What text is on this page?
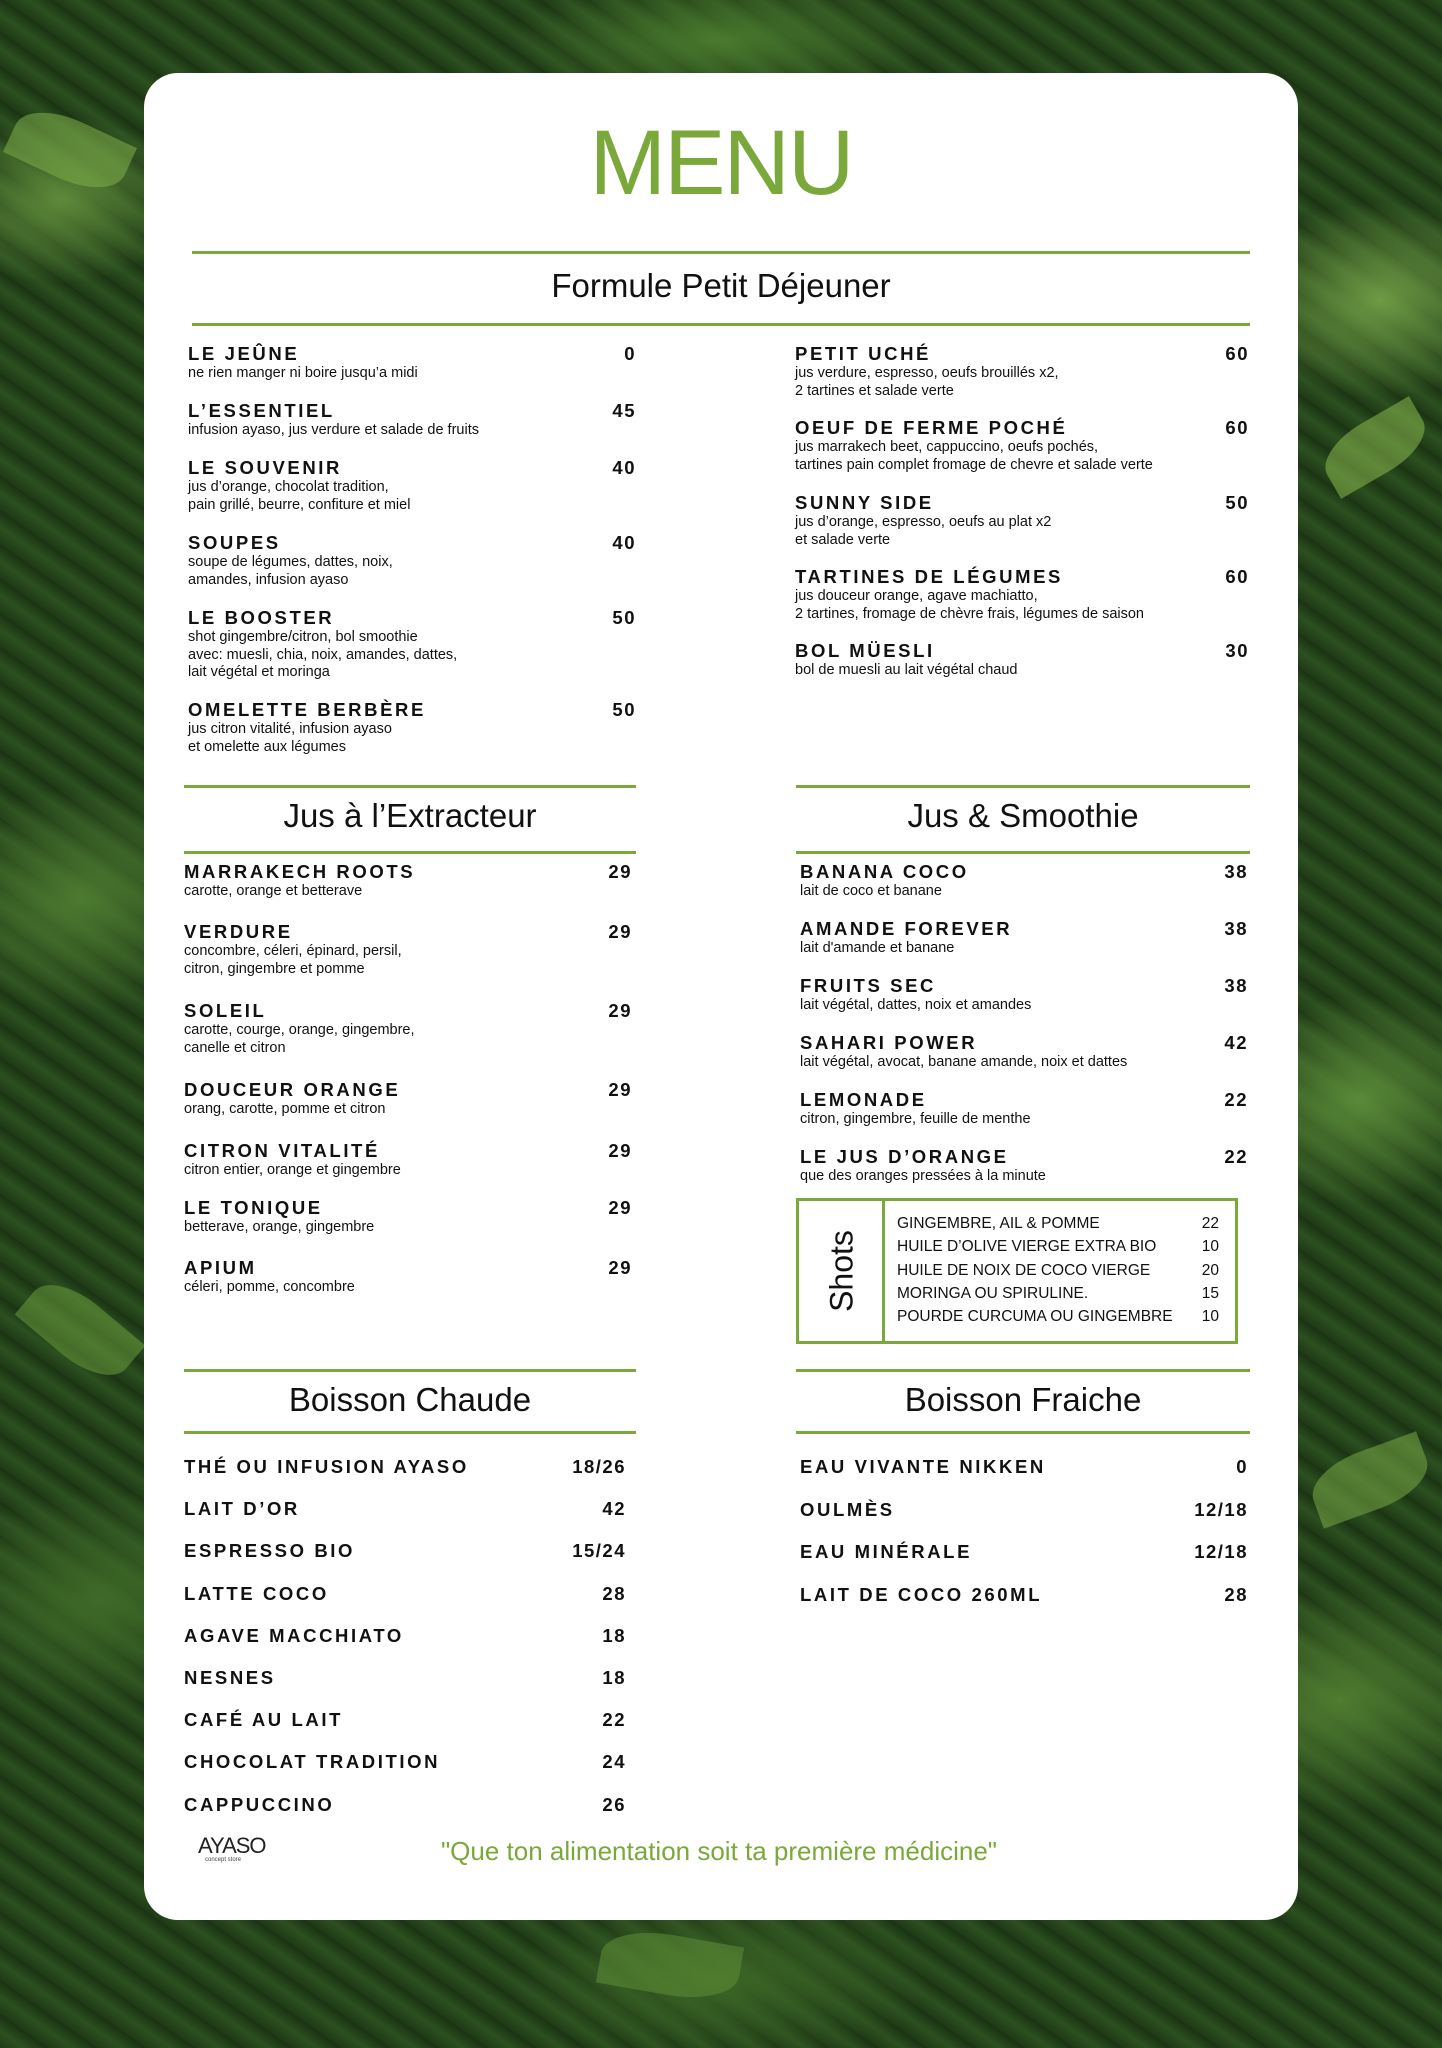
MENU
Formule Petit Déjeuner
LE JEÛNE	0
ne rien manger ni boire jusqu’a midi
L’ESSENTIEL	45
infusion ayaso, jus verdure et salade de fruits
LE SOUVENIR	40
jus d’orange, chocolat tradition,
pain grillé, beurre, confiture et miel
SOUPES	40
soupe de légumes, dattes, noix,
amandes, infusion ayaso
LE BOOSTER	50
shot gingembre/citron, bol smoothie
avec: muesli, chia, noix, amandes, dattes,
lait végétal et moringa
OMELETTE BERBÈRE	50
jus citron vitalité, infusion ayaso
et omelette aux légumes
PETIT UCHÉ	60
jus verdure, espresso, oeufs brouillés x2,
2 tartines et salade verte
OEUF DE FERME POCHÉ	60
jus marrakech beet, cappuccino, oeufs pochés,
tartines pain complet fromage de chevre et salade verte
SUNNY SIDE	50
jus d’orange, espresso, oeufs au plat x2
et salade verte
TARTINES DE LÉGUMES	60
jus douceur orange, agave machiatto,
2 tartines, fromage de chèvre frais, légumes de saison
BOL MÜESLI	30
bol de muesli au lait végétal chaud
Jus à l’Extracteur
MARRAKECH ROOTS	29
carotte, orange et betterave
VERDURE	29
concombre, céleri, épinard, persil,
citron, gingembre et pomme
SOLEIL	29
carotte, courge, orange, gingembre,
canelle et citron
DOUCEUR ORANGE	29
orang, carotte, pomme et citron
CITRON VITALITÉ	29
citron entier, orange et gingembre
LE TONIQUE	29
betterave, orange, gingembre
APIUM	29
céleri, pomme, concombre
Jus & Smoothie
BANANA COCO	38
lait de coco et banane
AMANDE FOREVER	38
lait d'amande et banane
FRUITS SEC	38
lait végétal, dattes, noix et amandes
SAHARI POWER	42
lait végétal, avocat, banane amande, noix et dattes
LEMONADE	22
citron, gingembre, feuille de menthe
LE JUS D’ORANGE	22
que des oranges pressées à la minute
Shots
GINGEMBRE, AIL & POMME	22
HUILE D’OLIVE VIERGE EXTRA BIO	10
HUILE DE NOIX DE COCO VIERGE	20
MORINGA OU SPIRULINE.	15
POURDE CURCUMA OU GINGEMBRE 10
Boisson Chaude
THÉ OU INFUSION AYASO	18/26
LAIT D’OR	42
ESPRESSO BIO	15/24
LATTE COCO	28
AGAVE MACCHIATO	18
NESNES	18
CAFÉ AU LAIT	22
CHOCOLAT TRADITION	24
CAPPUCCINO	26
Boisson Fraiche
EAU VIVANTE NIKKEN	0
OULMÈS	12/18
EAU MINÉRALE	12/18
LAIT DE COCO 260ML	28
AYASO
concept store	"Que ton alimentation soit ta première médicine"
